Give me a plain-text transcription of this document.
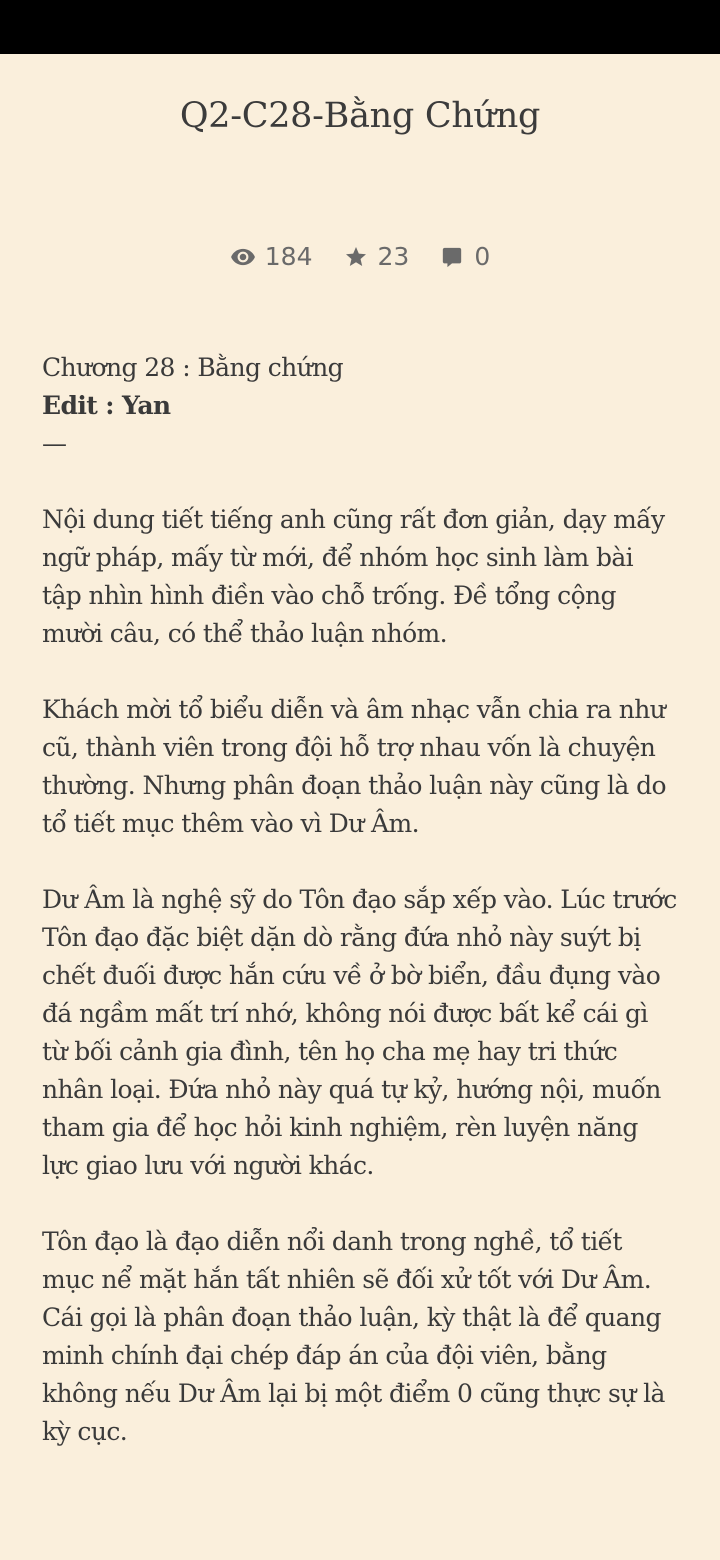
Q2-C28-Bằng Chứng
184	23	0

Chương 28 : Bằng chứng

Edit : Yan

—

Nội dung tiết tiếng anh cũng rất đơn giản, dạy mấy ngữ pháp, mấy từ mới, để nhóm học sinh làm bài tập nhìn hình điền vào chỗ trống. Đề tổng cộng mười câu, có thể thảo luận nhóm.

Khách mời tổ biểu diễn và âm nhạc vẫn chia ra như cũ, thành viên trong đội hỗ trợ nhau vốn là chuyện thường. Nhưng phân đoạn thảo luận này cũng là do tổ tiết mục thêm vào vì Dư Âm.

Dư Âm là nghệ sỹ do Tôn đạo sắp xếp vào. Lúc trước Tôn đạo đặc biệt dặn dò rằng đứa nhỏ này suýt bị chết đuối được hắn cứu về ở bờ biển, đầu đụng vào đá ngầm mất trí nhớ, không nói được bất kể cái gì từ bối cảnh gia đình, tên họ cha mẹ hay tri thức nhân loại. Đứa nhỏ này quá tự kỷ, hướng nội, muốn tham gia để học hỏi kinh nghiệm, rèn luyện năng lực giao lưu với người khác.

Tôn đạo là đạo diễn nổi danh trong nghề, tổ tiết mục nể mặt hắn tất nhiên sẽ đối xử tốt với Dư Âm. Cái gọi là phân đoạn thảo luận, kỳ thật là để quang minh chính đại chép đáp án của đội viên, bằng không nếu Dư Âm lại bị một điểm 0 cũng thực sự là kỳ cục.
